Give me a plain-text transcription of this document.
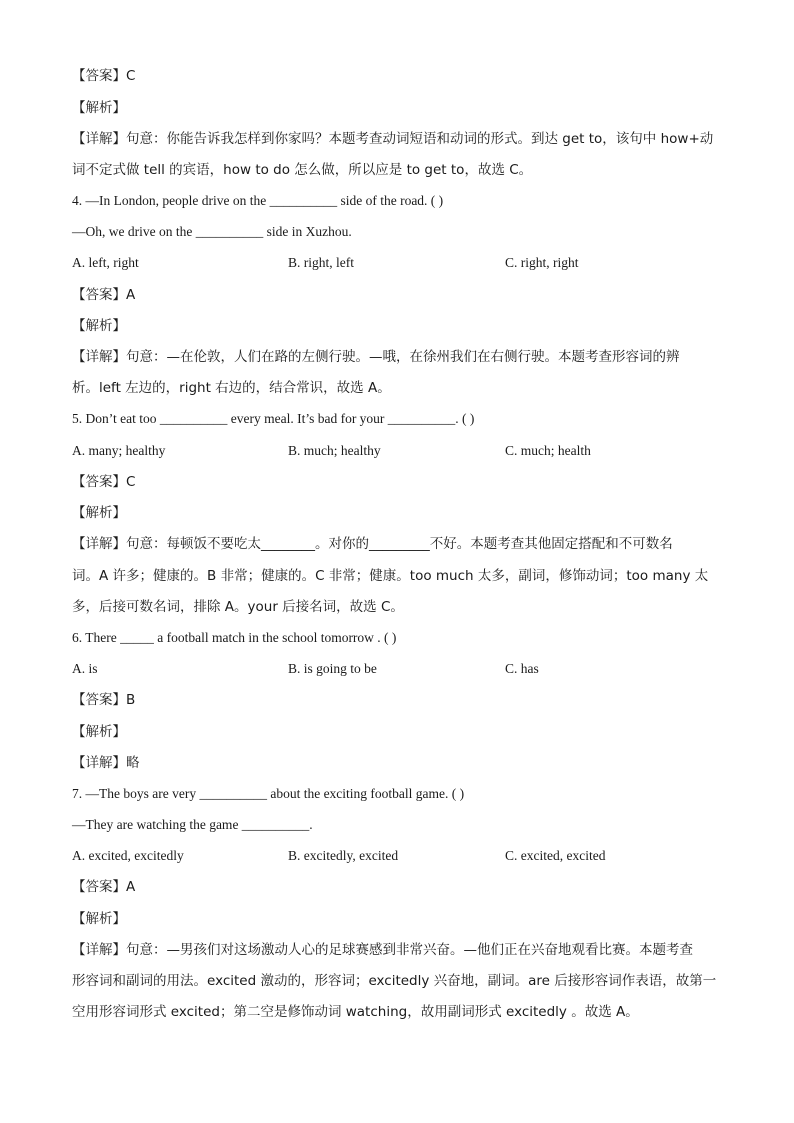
【答案】C
【解析】
【详解】句意：你能告诉我怎样到你家吗？本题考查动词短语和动词的形式。到达 get to，该句中 how+动
词不定式做 tell 的宾语，how to do 怎么做，所以应是 to get to，故选 C。
4. —In London, people drive on the __________ side of the road. ( )
—Oh, we drive on the __________ side in Xuzhou.
A. left, right	B. right, left	C. right, right
【答案】A
【解析】
【详解】句意：—在伦敦，人们在路的左侧行驶。—哦，在徐州我们在右侧行驶。本题考查形容词的辨
析。left 左边的，right 右边的，结合常识，故选 A。
5. Don’t eat too __________ every meal. It’s bad for your __________. ( )
A. many; healthy	B. much; healthy	C. much; health
【答案】C
【解析】
【详解】句意：每顿饭不要吃太________。对你的_________不好。本题考查其他固定搭配和不可数名
词。A 许多；健康的。B 非常；健康的。C 非常；健康。too much 太多，副词，修饰动词；too many 太
多，后接可数名词，排除 A。your 后接名词，故选 C。
6. There _____ a football match in the school tomorrow . ( )
A. is	B. is going to be	C. has
【答案】B
【解析】
【详解】略
7. —The boys are very __________ about the exciting football game. ( )
—They are watching the game __________.
A. excited, excitedly	B. excitedly, excited	C. excited, excited
【答案】A
【解析】
【详解】句意：—男孩们对这场激动人心的足球赛感到非常兴奋。—他们正在兴奋地观看比赛。本题考查
形容词和副词的用法。excited 激动的，形容词；excitedly 兴奋地，副词。are 后接形容词作表语，故第一
空用形容词形式 excited；第二空是修饰动词 watching，故用副词形式 excitedly 。故选 A。
